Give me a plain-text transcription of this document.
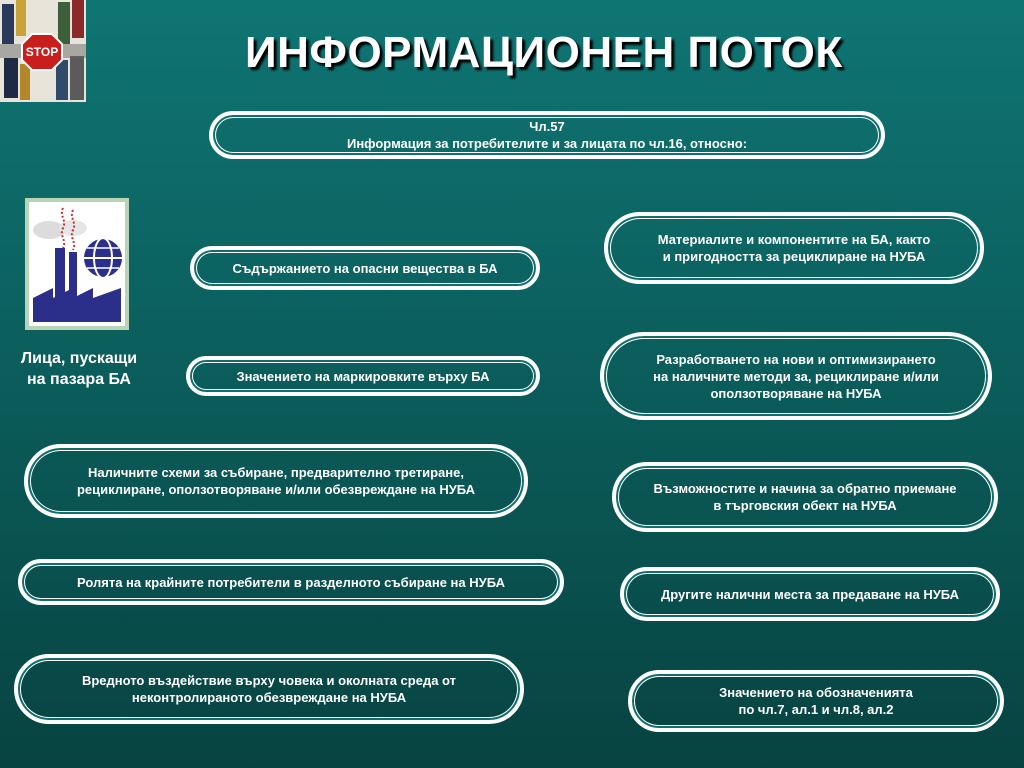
STOP	ИНФОРМАЦИОНЕН ПОТОК
Чл.57
Информация за потребителите и за лицата по чл.16, относно:
Лица, пускащи
на пазара БА
Съдържанието на опасни вещества в БА
Значението на маркировките върху БА
Наличните схеми за събиране, предварително третиране,
рециклиране, оползотворяване и/или обезвреждане на НУБА
Ролята на крайните потребители в разделното събиране на НУБА
Вредното въздействие върху човека и околната среда от
неконтролираното обезвреждане на НУБА
Материалите и компонентите на БА, както
и пригодността за рециклиране на НУБА
Разработването на нови и оптимизирането
на наличните методи за, рециклиране и/или
оползотворяване на НУБА
Възможностите и начина за обратно приемане
в търговския обект на НУБА
Другите налични места за предаване на НУБА
Значението на обозначенията
по чл.7, ал.1 и чл.8, ал.2
